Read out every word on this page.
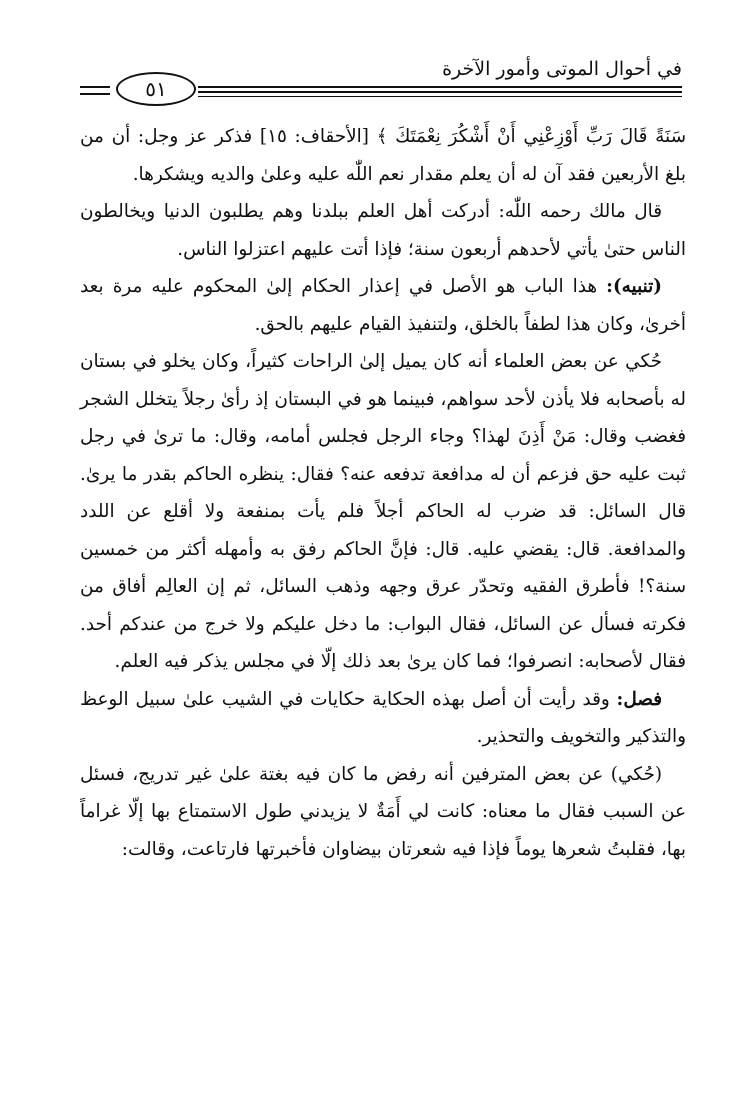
في أحوال الموتى وأمور الآخرة
٥١

سَنَةً قَالَ رَبِّ أَوْزِعْنِي أَنْ أَشْكُرَ نِعْمَتَكَ ﴾ [الأحقاف: ١٥] فذكر عز وجل: أن من بلغ الأربعين فقد آن له أن يعلم مقدار نعم اللّٰه عليه وعلىٰ والديه ويشكرها.

قال مالك رحمه اللّٰه: أدركت أهل العلم ببلدنا وهم يطلبون الدنيا ويخالطون الناس حتىٰ يأتي لأحدهم أربعون سنة؛ فإذا أتت عليهم اعتزلوا الناس.

(تنبيه): هذا الباب هو الأصل في إعذار الحكام إلىٰ المحكوم عليه مرة بعد أخرىٰ، وكان هذا لطفاً بالخلق، ولتنفيذ القيام عليهم بالحق.

حُكي عن بعض العلماء أنه كان يميل إلىٰ الراحات كثيراً، وكان يخلو في بستان له بأصحابه فلا يأذن لأحد سواهم، فبينما هو في البستان إذ رأىٰ رجلاً يتخلل الشجر فغضب وقال: مَنْ أَذِنَ لهذا؟ وجاء الرجل فجلس أمامه، وقال: ما ترىٰ في رجل ثبت عليه حق فزعم أن له مدافعة تدفعه عنه؟ فقال: ينظره الحاكم بقدر ما يرىٰ. قال السائل: قد ضرب له الحاكم أجلاً فلم يأت بمنفعة ولا أقلع عن اللدد والمدافعة. قال: يقضي عليه. قال: فإنَّ الحاكم رفق به وأمهله أكثر من خمسين سنة؟! فأطرق الفقيه وتحدّر عرق وجهه وذهب السائل، ثم إن العالِم أفاق من فكرته فسأل عن السائل، فقال البواب: ما دخل عليكم ولا خرج من عندكم أحد. فقال لأصحابه: انصرفوا؛ فما كان يرىٰ بعد ذلك إلّا في مجلس يذكر فيه العلم.

فصل: وقد رأيت أن أصل بهذه الحكاية حكايات في الشيب علىٰ سبيل الوعظ والتذكير والتخويف والتحذير.

(حُكي) عن بعض المترفين أنه رفض ما كان فيه بغتة علىٰ غير تدريج، فسئل عن السبب فقال ما معناه: كانت لي أَمَةٌ لا يزيدني طول الاستمتاع بها إلّا غراماً بها، فقلبتُ شعرها يوماً فإذا فيه شعرتان بيضاوان فأخبرتها فارتاعت، وقالت:
